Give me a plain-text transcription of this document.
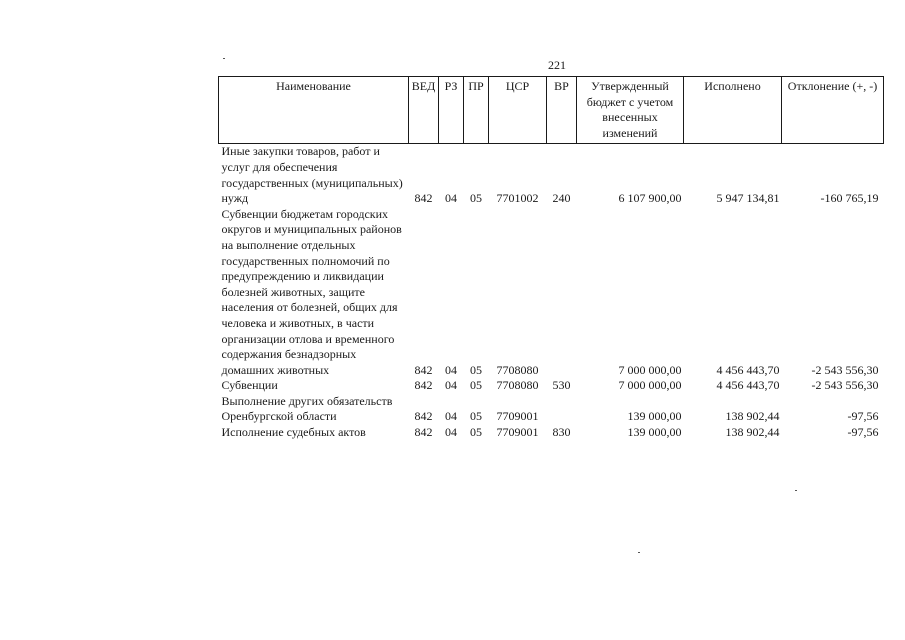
221
Наименование	ВЕД	РЗ	ПР	ЦСР	ВР	Утвержденный бюджет с учетом внесенных изменений	Исполнено	Отклонение (+, -)
Иные закупки товаров, работ и услуг для обеспечения государственных (муниципальных) нужд	842	04	05	7701002	240	6 107 900,00	5 947 134,81	-160 765,19
Субвенции бюджетам городских округов и муниципальных районов на выполнение отдельных государственных полномочий по предупреждению и ликвидации болезней животных, защите населения от болезней, общих для человека и животных, в части организации отлова и временного содержания безнадзорных домашних животных	842	04	05	7708080		7 000 000,00	4 456 443,70	-2 543 556,30
Субвенции	842	04	05	7708080	530	7 000 000,00	4 456 443,70	-2 543 556,30
Выполнение других обязательств Оренбургской области	842	04	05	7709001		139 000,00	138 902,44	-97,56
Исполнение судебных актов	842	04	05	7709001	830	139 000,00	138 902,44	-97,56
